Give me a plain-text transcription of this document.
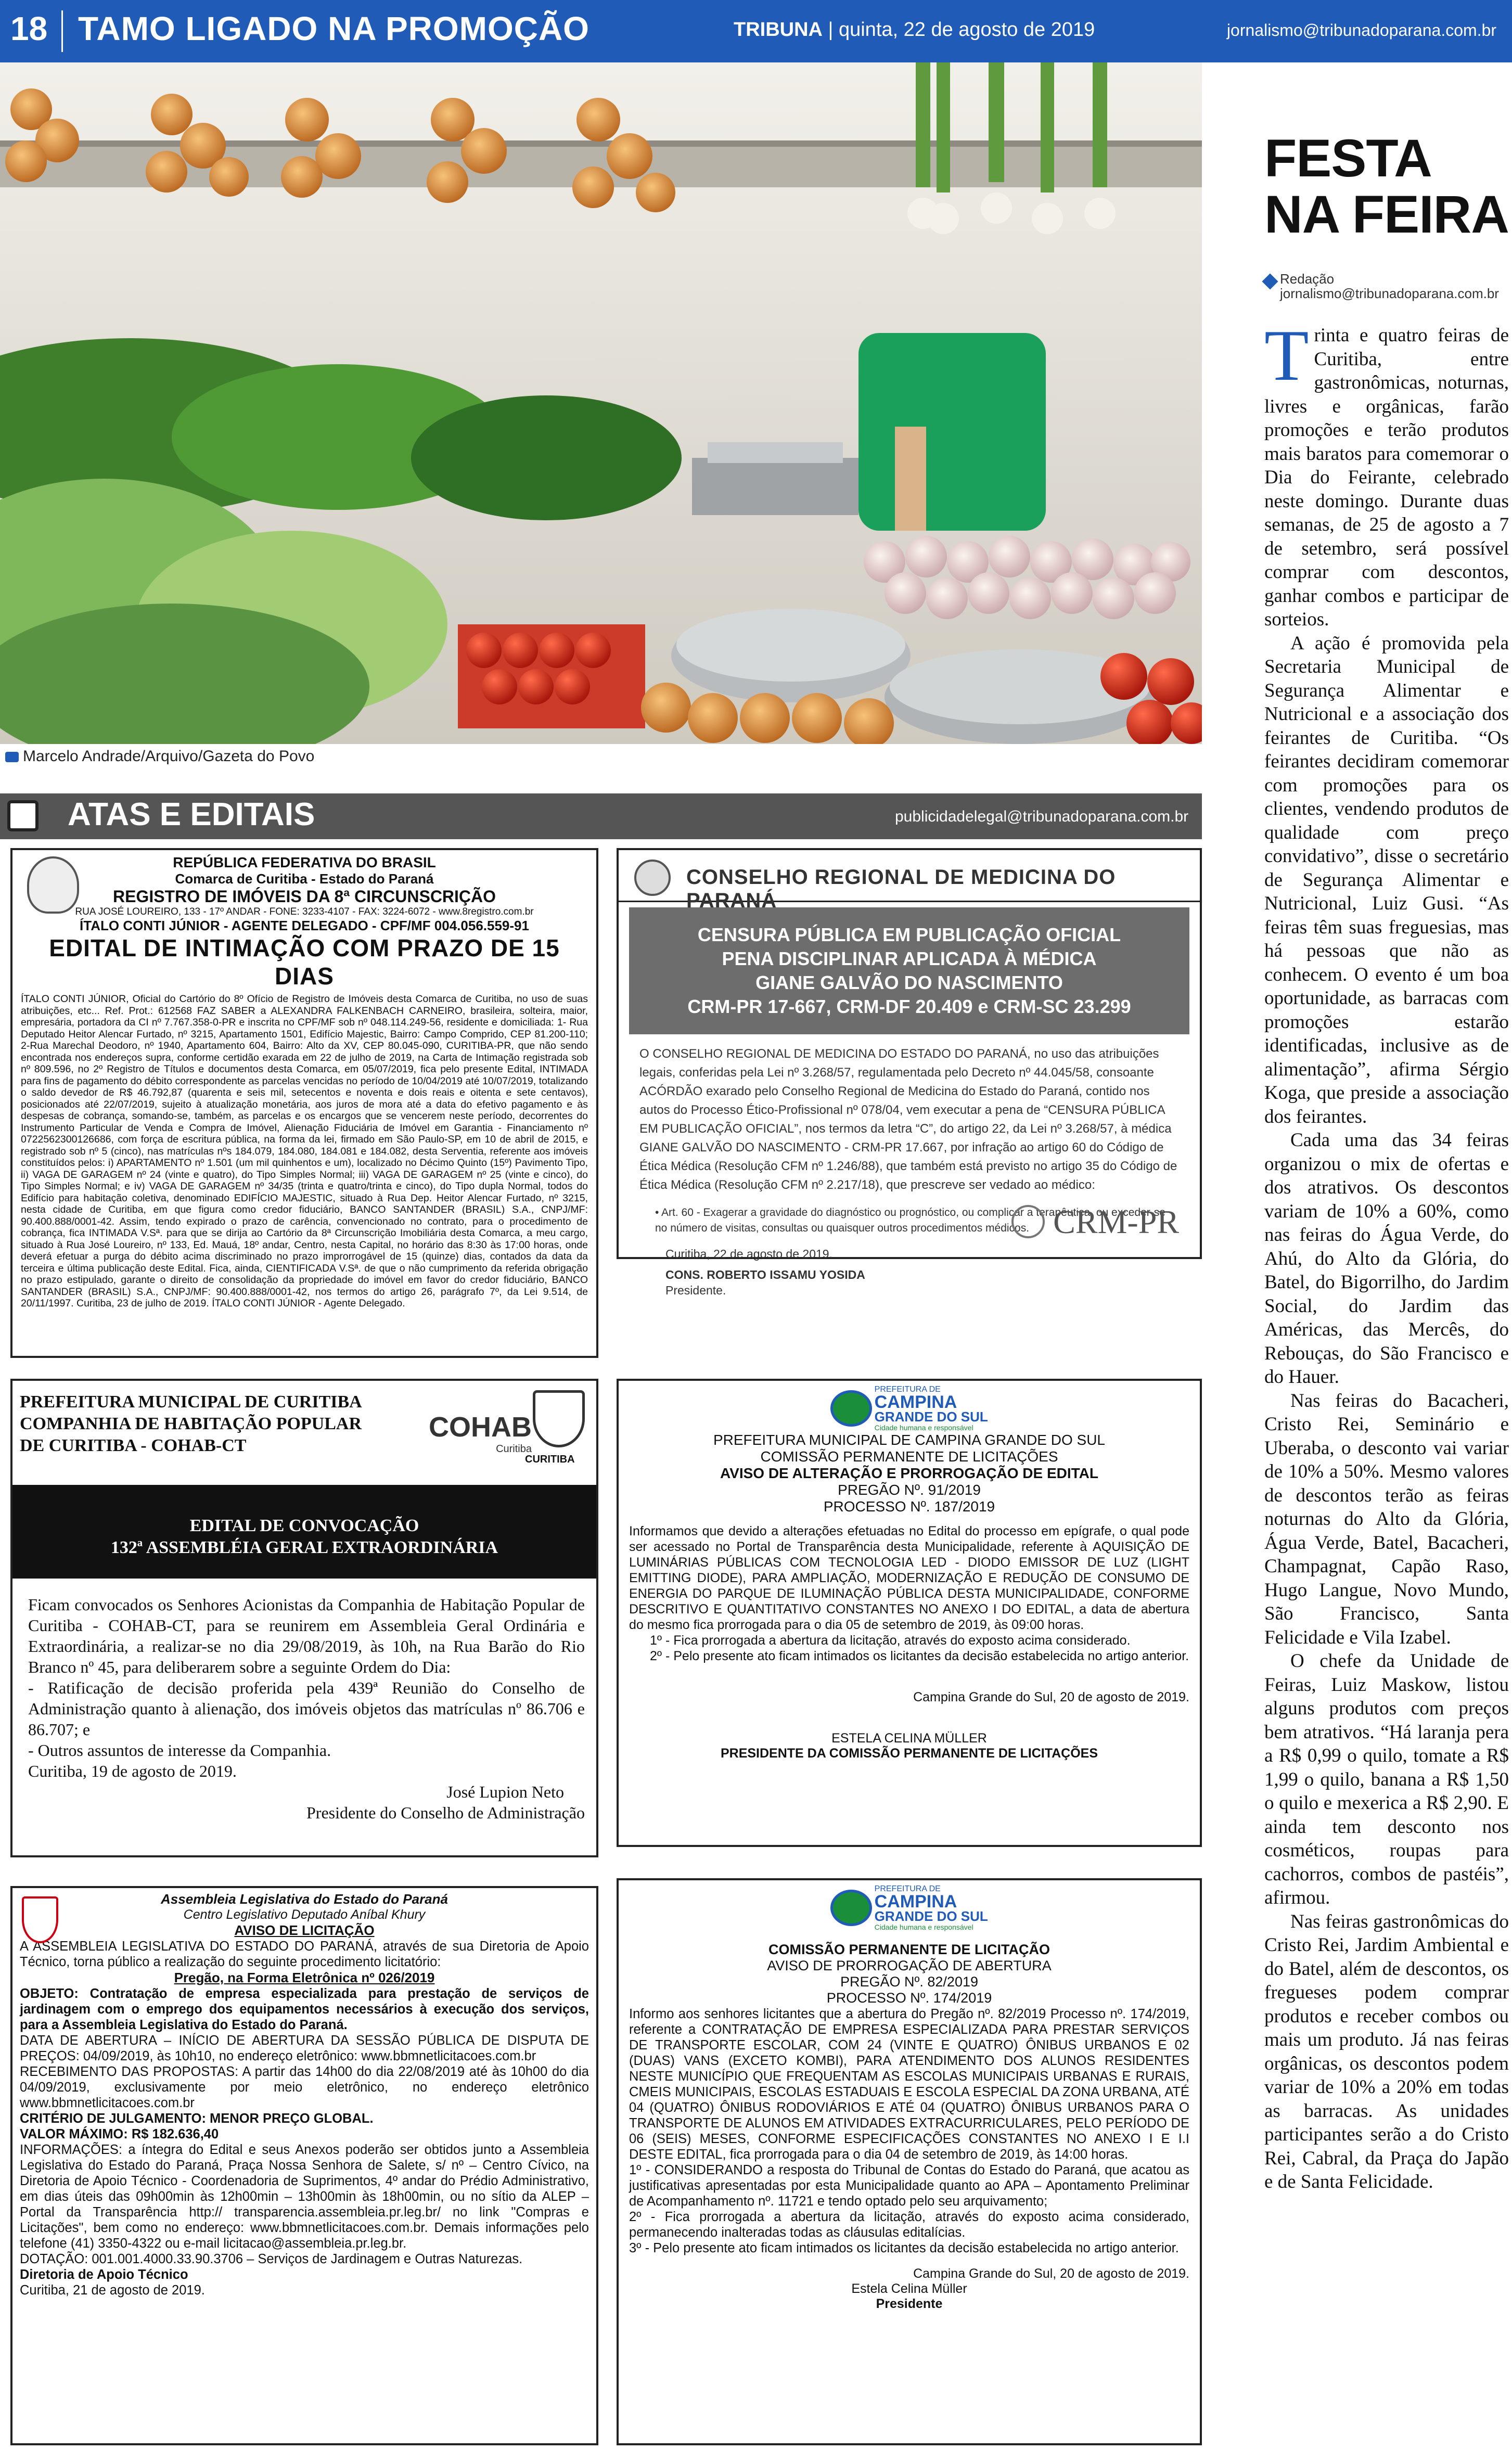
18 TAMO LIGADO NA PROMOÇÃO	TRIBUNA | quinta, 22 de agosto de 2019	jornalismo@tribunadoparana.com.br
Marcelo Andrade/Arquivo/Gazeta do Povo
ATAS E EDITAIS	publicidadelegal@tribunadoparana.com.br
REPÚBLICA FEDERATIVA DO BRASIL
Comarca de Curitiba - Estado do Paraná
REGISTRO DE IMÓVEIS DA 8ª CIRCUNSCRIÇÃO
RUA JOSÉ LOUREIRO, 133 - 17º ANDAR - FONE: 3233-4107 - FAX: 3224-6072 - www.8registro.com.br
ÍTALO CONTI JÚNIOR - AGENTE DELEGADO - CPF/MF 004.056.559-91
EDITAL DE INTIMAÇÃO COM PRAZO DE 15 DIAS
ÍTALO CONTI JÚNIOR, Oficial do Cartório do 8º Ofício de Registro de Imóveis desta Comarca de Curitiba, no uso de suas atribuições, etc... Ref. Prot.: 612568 FAZ SABER a ALEXANDRA FALKENBACH CARNEIRO, brasileira, solteira, maior, empresária, portadora da CI nº 7.767.358-0-PR e inscrita no CPF/MF sob nº 048.114.249-56, residente e domiciliada: 1- Rua Deputado Heitor Alencar Furtado, nº 3215, Apartamento 1501, Edifício Majestic, Bairro: Campo Comprido, CEP 81.200-110; 2-Rua Marechal Deodoro, nº 1940, Apartamento 604, Bairro: Alto da XV, CEP 80.045-090, CURITIBA-PR, que não sendo encontrada nos endereços supra, conforme certidão exarada em 22 de julho de 2019, na Carta de Intimação registrada sob nº 809.596, no 2º Registro de Títulos e documentos desta Comarca, em 05/07/2019, fica pelo presente Edital, INTIMADA para fins de pagamento do débito correspondente as parcelas vencidas no período de 10/04/2019 até 10/07/2019, totalizando o saldo devedor de R$ 46.792,87 (quarenta e seis mil, setecentos e noventa e dois reais e oitenta e sete centavos), posicionados até 22/07/2019, sujeito à atualização monetária, aos juros de mora até a data do efetivo pagamento e às despesas de cobrança, somando-se, também, as parcelas e os encargos que se vencerem neste período, decorrentes do Instrumento Particular de Venda e Compra de Imóvel, Alienação Fiduciária de Imóvel em Garantia - Financiamento nº 0722562300126686, com força de escritura pública, na forma da lei, firmado em São Paulo-SP, em 10 de abril de 2015, e registrado sob nº 5 (cinco), nas matrículas nºs 184.079, 184.080, 184.081 e 184.082, desta Serventia, referente aos imóveis constituídos pelos: i) APARTAMENTO nº 1.501 (um mil quinhentos e um), localizado no Décimo Quinto (15º) Pavimento Tipo, ii) VAGA DE GARAGEM nº 24 (vinte e quatro), do Tipo Simples Normal; iii) VAGA DE GARAGEM nº 25 (vinte e cinco), do Tipo Simples Normal; e iv) VAGA DE GARAGEM nº 34/35 (trinta e quatro/trinta e cinco), do Tipo dupla Normal, todos do Edifício para habitação coletiva, denominado EDIFÍCIO MAJESTIC, situado à Rua Dep. Heitor Alencar Furtado, nº 3215, nesta cidade de Curitiba, em que figura como credor fiduciário, BANCO SANTANDER (BRASIL) S.A., CNPJ/MF: 90.400.888/0001-42. Assim, tendo expirado o prazo de carência, convencionado no contrato, para o procedimento de cobrança, fica INTIMADA V.Sª. para que se dirija ao Cartório da 8ª Circunscrição Imobiliária desta Comarca, a meu cargo, situado à Rua José Loureiro, nº 133, Ed. Mauá, 18º andar, Centro, nesta Capital, no horário das 8:30 às 17:00 horas, onde deverá efetuar a purga do débito acima discriminado no prazo improrrogável de 15 (quinze) dias, contados da data da terceira e última publicação deste Edital. Fica, ainda, CIENTIFICADA V.Sª. de que o não cumprimento da referida obrigação no prazo estipulado, garante o direito de consolidação da propriedade do imóvel em favor do credor fiduciário, BANCO SANTANDER (BRASIL) S.A., CNPJ/MF: 90.400.888/0001-42, nos termos do artigo 26, parágrafo 7º, da Lei 9.514, de 20/11/1997. Curitiba, 23 de julho de 2019. ÍTALO CONTI JÚNIOR - Agente Delegado.
CONSELHO REGIONAL DE MEDICINA DO PARANÁ
CENSURA PÚBLICA EM PUBLICAÇÃO OFICIAL
PENA DISCIPLINAR APLICADA À MÉDICA
GIANE GALVÃO DO NASCIMENTO
CRM-PR 17-667, CRM-DF 20.409 e CRM-SC 23.299
O CONSELHO REGIONAL DE MEDICINA DO ESTADO DO PARANÁ, no uso das atribuições legais, conferidas pela Lei nº 3.268/57, regulamentada pelo Decreto nº 44.045/58, consoante ACÓRDÃO exarado pelo Conselho Regional de Medicina do Estado do Paraná, contido nos autos do Processo Ético-Profissional nº 078/04, vem executar a pena de “CENSURA PÚBLICA EM PUBLICAÇÃO OFICIAL”, nos termos da letra “C”, do artigo 22, da Lei nº 3.268/57, à médica GIANE GALVÃO DO NASCIMENTO - CRM-PR 17.667, por infração ao artigo 60 do Código de Ética Médica (Resolução CFM nº 1.246/88), que também está previsto no artigo 35 do Código de Ética Médica (Resolução CFM nº 2.217/18), que prescreve ser vedado ao médico:
• Art. 60 - Exagerar a gravidade do diagnóstico ou prognóstico, ou complicar a terapêutica, ou exceder-se no número de visitas, consultas ou quaisquer outros procedimentos médicos.
Curitiba, 22 de agosto de 2019.
CONS. ROBERTO ISSAMU YOSIDA
Presidente.
CRM-PR
PREFEITURA MUNICIPAL DE CURITIBA
COMPANHIA DE HABITAÇÃO POPULAR
DE CURITIBA - COHAB-CT
COHAB
Curitiba
CURITIBA
EDITAL DE CONVOCAÇÃO
132ª ASSEMBLÉIA GERAL EXTRAORDINÁRIA
Ficam convocados os Senhores Acionistas da Companhia de Habitação Popular de Curitiba - COHAB-CT, para se reunirem em Assembleia Geral Ordinária e Extraordinária, a realizar-se no dia 29/08/2019, às 10h, na Rua Barão do Rio Branco nº 45, para deliberarem sobre a seguinte Ordem do Dia:
- Ratificação de decisão proferida pela 439ª Reunião do Conselho de Administração quanto à alienação, dos imóveis objetos das matrículas nº 86.706 e 86.707; e
- Outros assuntos de interesse da Companhia.
Curitiba, 19 de agosto de 2019.
José Lupion Neto
Presidente do Conselho de Administração

PREFEITURA DE
CAMPINA
GRANDE DO SUL
Cidade humana e responsável
PREFEITURA MUNICIPAL DE CAMPINA GRANDE DO SUL
COMISSÃO PERMANENTE DE LICITAÇÕES
AVISO DE ALTERAÇÃO E PRORROGAÇÃO DE EDITAL
PREGÃO Nº. 91/2019
PROCESSO Nº. 187/2019
Informamos que devido a alterações efetuadas no Edital do processo em epígrafe, o qual pode ser acessado no Portal de Transparência desta Municipalidade, referente à AQUISIÇÃO DE LUMINÁRIAS PÚBLICAS COM TECNOLOGIA LED - DIODO EMISSOR DE LUZ (LIGHT EMITTING DIODE), PARA AMPLIAÇÃO, MODERNIZAÇÃO E REDUÇÃO DE CONSUMO DE ENERGIA DO PARQUE DE ILUMINAÇÃO PÚBLICA DESTA MUNICIPALIDADE, CONFORME DESCRITIVO E QUANTITATIVO CONSTANTES NO ANEXO I DO EDITAL, a data de abertura do mesmo fica prorrogada para o dia 05 de setembro de 2019, às 09:00 horas.
1º - Fica prorrogada a abertura da licitação, através do exposto acima considerado.
2º - Pelo presente ato ficam intimados os licitantes da decisão estabelecida no artigo anterior.
Campina Grande do Sul, 20 de agosto de 2019.
ESTELA CELINA MÜLLER
PRESIDENTE DA COMISSÃO PERMANENTE DE LICITAÇÕES
Assembleia Legislativa do Estado do Paraná
Centro Legislativo Deputado Aníbal Khury
AVISO DE LICITAÇÃO
A ASSEMBLEIA LEGISLATIVA DO ESTADO DO PARANÁ, através de sua Diretoria de Apoio Técnico, torna público a realização do seguinte procedimento licitatório:
Pregão, na Forma Eletrônica nº 026/2019
OBJETO: Contratação de empresa especializada para prestação de serviços de jardinagem com o emprego dos equipamentos necessários à execução dos serviços, para a Assembleia Legislativa do Estado do Paraná.
DATA DE ABERTURA – INÍCIO DE ABERTURA DA SESSÃO PÚBLICA DE DISPUTA DE PREÇOS: 04/09/2019, às 10h10, no endereço eletrônico: www.bbmnetlicitacoes.com.br
RECEBIMENTO DAS PROPOSTAS: A partir das 14h00 do dia 22/08/2019 até às 10h00 do dia 04/09/2019, exclusivamente por meio eletrônico, no endereço eletrônico www.bbmnetlicitacoes.com.br
CRITÉRIO DE JULGAMENTO: MENOR PREÇO GLOBAL.
VALOR MÁXIMO: R$ 182.636,40
INFORMAÇÕES: a íntegra do Edital e seus Anexos poderão ser obtidos junto a Assembleia Legislativa do Estado do Paraná, Praça Nossa Senhora de Salete, s/ nº – Centro Cívico, na Diretoria de Apoio Técnico - Coordenadoria de Suprimentos, 4º andar do Prédio Administrativo, em dias úteis das 09h00min às 12h00min – 13h00min às 18h00min, ou no sítio da ALEP – Portal da Transparência http:// transparencia.assembleia.pr.leg.br/ no link "Compras e Licitações", bem como no endereço: www.bbmnetlicitacoes.com.br. Demais informações pelo telefone (41) 3350-4322 ou e-mail licitacao@assembleia.pr.leg.br.
DOTAÇÃO: 001.001.4000.33.90.3706 – Serviços de Jardinagem e Outras Naturezas.
Diretoria de Apoio Técnico
Curitiba, 21 de agosto de 2019.

PREFEITURA DE
CAMPINA
GRANDE DO SUL
Cidade humana e responsável
COMISSÃO PERMANENTE DE LICITAÇÃO
AVISO DE PRORROGAÇÃO DE ABERTURA
PREGÃO Nº. 82/2019
PROCESSO Nº. 174/2019
Informo aos senhores licitantes que a abertura do Pregão nº. 82/2019 Processo nº. 174/2019, referente a CONTRATAÇÃO DE EMPRESA ESPECIALIZADA PARA PRESTAR SERVIÇOS DE TRANSPORTE ESCOLAR, COM 24 (VINTE E QUATRO) ÔNIBUS URBANOS E 02 (DUAS) VANS (EXCETO KOMBI), PARA ATENDIMENTO DOS ALUNOS RESIDENTES NESTE MUNICÍPIO QUE FREQUENTAM AS ESCOLAS MUNICIPAIS URBANAS E RURAIS, CMEIS MUNICIPAIS, ESCOLAS ESTADUAIS E ESCOLA ESPECIAL DA ZONA URBANA, ATÉ 04 (QUATRO) ÔNIBUS RODOVIÁRIOS E ATÉ 04 (QUATRO) ÔNIBUS URBANOS PARA O TRANSPORTE DE ALUNOS EM ATIVIDADES EXTRACURRICULARES, PELO PERÍODO DE 06 (SEIS) MESES, CONFORME ESPECIFICAÇÕES CONSTANTES NO ANEXO I E I.I DESTE EDITAL, fica prorrogada para o dia 04 de setembro de 2019, às 14:00 horas.
1º - CONSIDERANDO a resposta do Tribunal de Contas do Estado do Paraná, que acatou as justificativas apresentadas por esta Municipalidade quanto ao APA – Apontamento Preliminar de Acompanhamento nº. 11721 e tendo optado pelo seu arquivamento;
2º - Fica prorrogada a abertura da licitação, através do exposto acima considerado, permanecendo inalteradas todas as cláusulas editalícias.
3º - Pelo presente ato ficam intimados os licitantes da decisão estabelecida no artigo anterior.
Campina Grande do Sul, 20 de agosto de 2019.
Estela Celina Müller
Presidente
FESTA
NA FEIRA
Redação
jornalismo@tribunadoparana.com.br

Trinta e quatro feiras de Curitiba, entre gastronômicas, noturnas, livres e orgânicas, farão promoções e terão produtos mais baratos para comemorar o Dia do Feirante, celebrado neste domingo. Durante duas semanas, de 25 de agosto a 7 de setembro, será possível comprar com descontos, ganhar combos e participar de sorteios.

A ação é promovida pela Secretaria Municipal de Segurança Alimentar e Nutricional e a associação dos feirantes de Curitiba. “Os feirantes decidiram comemorar com promoções para os clientes, vendendo produtos de qualidade com preço convidativo”, disse o secretário de Segurança Alimentar e Nutricional, Luiz Gusi. “As feiras têm suas freguesias, mas há pessoas que não as conhecem. O evento é um boa oportunidade, as barracas com promoções estarão identificadas, inclusive as de alimentação”, afirma Sérgio Koga, que preside a associação dos feirantes.

Cada uma das 34 feiras organizou o mix de ofertas e dos atrativos. Os descontos variam de 10% a 60%, como nas feiras do Água Verde, do Ahú, do Alto da Glória, do Batel, do Bigorrilho, do Jardim Social, do Jardim das Américas, das Mercês, do Rebouças, do São Francisco e do Hauer.

Nas feiras do Bacacheri, Cristo Rei, Seminário e Uberaba, o desconto vai variar de 10% a 50%. Mesmo valores de descontos terão as feiras noturnas do Alto da Glória, Água Verde, Batel, Bacacheri, Champagnat, Capão Raso, Hugo Langue, Novo Mundo, São Francisco, Santa Felicidade e Vila Izabel.

O chefe da Unidade de Feiras, Luiz Maskow, listou alguns produtos com preços bem atrativos. “Há laranja pera a R$ 0,99 o quilo, tomate a R$ 1,99 o quilo, banana a R$ 1,50 o quilo e mexerica a R$ 2,90. E ainda tem desconto nos cosméticos, roupas para cachorros, combos de pastéis”, afirmou.

Nas feiras gastronômicas do Cristo Rei, Jardim Ambiental e do Batel, além de descontos, os fregueses podem comprar produtos e receber combos ou mais um produto. Já nas feiras orgânicas, os descontos podem variar de 10% a 20% em todas as barracas. As unidades participantes serão a do Cristo Rei, Cabral, da Praça do Japão e de Santa Felicidade.
